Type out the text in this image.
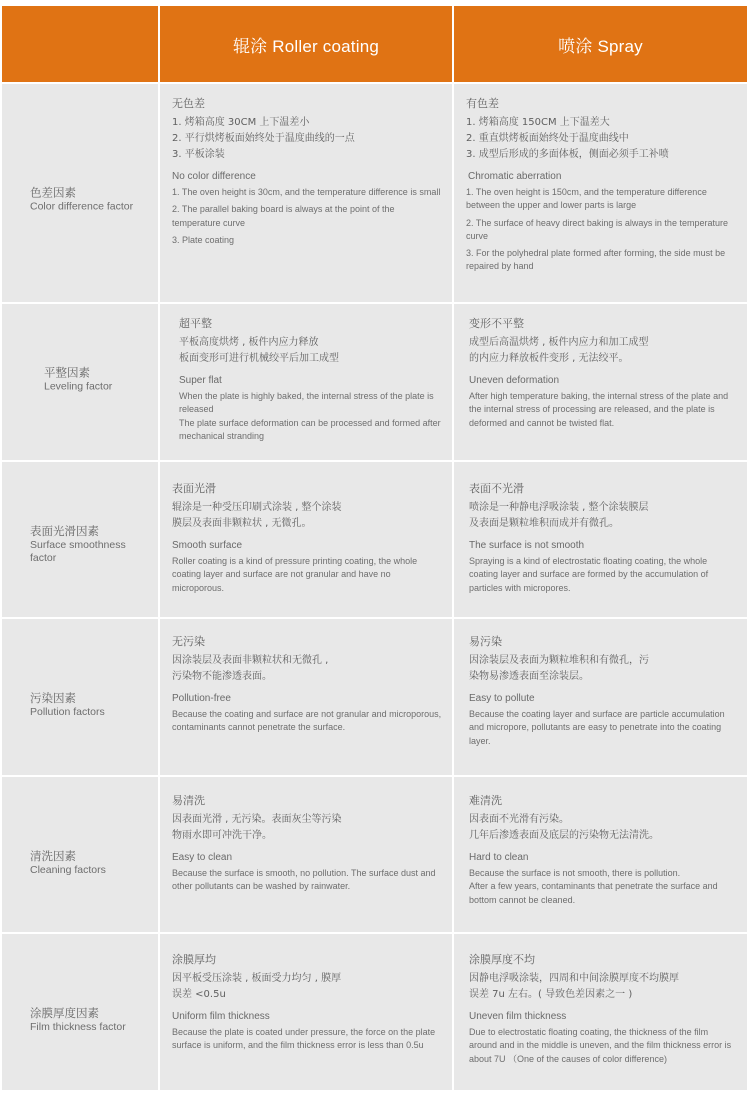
辊涂 Roller coating	喷涂 Spray
色差因素
Color difference factor
无色差
1. 烤箱高度 30CM 上下温差小
2. 平行烘烤板面始终处于温度曲线的一点
3. 平板涂装
No color difference
1. The oven height is 30cm, and the temperature difference is small
2. The parallel baking board is always at the point of the temperature curve
3. Plate coating
有色差
1. 烤箱高度 150CM 上下温差大
2. 重直烘烤板面始终处于温度曲线中
3. 成型后形成的多面体板，侧面必须手工补喷
Chromatic aberration
1. The oven height is 150cm, and the temperature difference between the upper and lower parts is large
2. The surface of heavy direct baking is always in the temperature curve
3. For the polyhedral plate formed after forming, the side must be repaired by hand
平整因素
Leveling factor
超平整
平板高度烘烤 , 板件内应力释放
板面变形可进行机械绞平后加工成型
Super flat
When the plate is highly baked, the internal stress of the plate is released
The plate surface deformation can be processed and formed after mechanical stranding
变形不平整
成型后高温烘烤 , 板件内应力和加工成型
的内应力释放板件变形 , 无法绞平。
Uneven deformation
After high temperature baking, the internal stress of the plate and the internal stress of processing are released, and the plate is deformed and cannot be twisted flat.
表面光滑因素
Surface smoothness factor
表面光滑
辊涂是一种受压印刷式涂装 , 整个涂装
膜层及表面非颗粒状 , 无微孔。
Smooth surface
Roller coating is a kind of pressure printing coating, the whole coating layer and surface are not granular and have no microporous.
表面不光滑
喷涂是一种静电浮吸涂装 , 整个涂装膜层
及表面是颗粒堆积而成并有微孔。
The surface is not smooth
Spraying is a kind of electrostatic floating coating, the whole coating layer and surface are formed by the accumulation of particles with micropores.
污染因素
Pollution factors
无污染
因涂装层及表面非颗粒状和无微孔 ,
污染物不能渗透表面。
Pollution-free
Because the coating and surface are not granular and microporous, contaminants cannot penetrate the surface.
易污染
因涂装层及表面为颗粒堆积和有微孔，污
染物易渗透表面至涂装层。
Easy to pollute
Because the coating layer and surface are particle accumulation and micropore, pollutants are easy to penetrate into the coating layer.
清洗因素
Cleaning factors
易清洗
因表面光滑 , 无污染。表面灰尘等污染
物雨水即可冲洗干净。
Easy to clean
Because the surface is smooth, no pollution. The surface dust and other pollutants can be washed by rainwater.
难清洗
因表面不光滑有污染。
几年后渗透表面及底层的污染物无法清洗。
Hard to clean
Because the surface is not smooth, there is pollution.
After a few years, contaminants that penetrate the surface and bottom cannot be cleaned.
涂膜厚度因素
Film thickness factor
涂膜厚均
因平板受压涂装 , 板面受力均匀 , 膜厚
误差 <0.5u
Uniform film thickness
Because the plate is coated under pressure, the force on the plate surface is uniform, and the film thickness error is less than 0.5u
涂膜厚度不均
因静电浮吸涂装，四周和中间涂膜厚度不均膜厚
误差 7u 左右。( 导致色差因素之一 )
Uneven film thickness
Due to electrostatic floating coating, the thickness of the film around and in the middle is uneven, and the film thickness error is about 7U （One of the causes of color difference)
